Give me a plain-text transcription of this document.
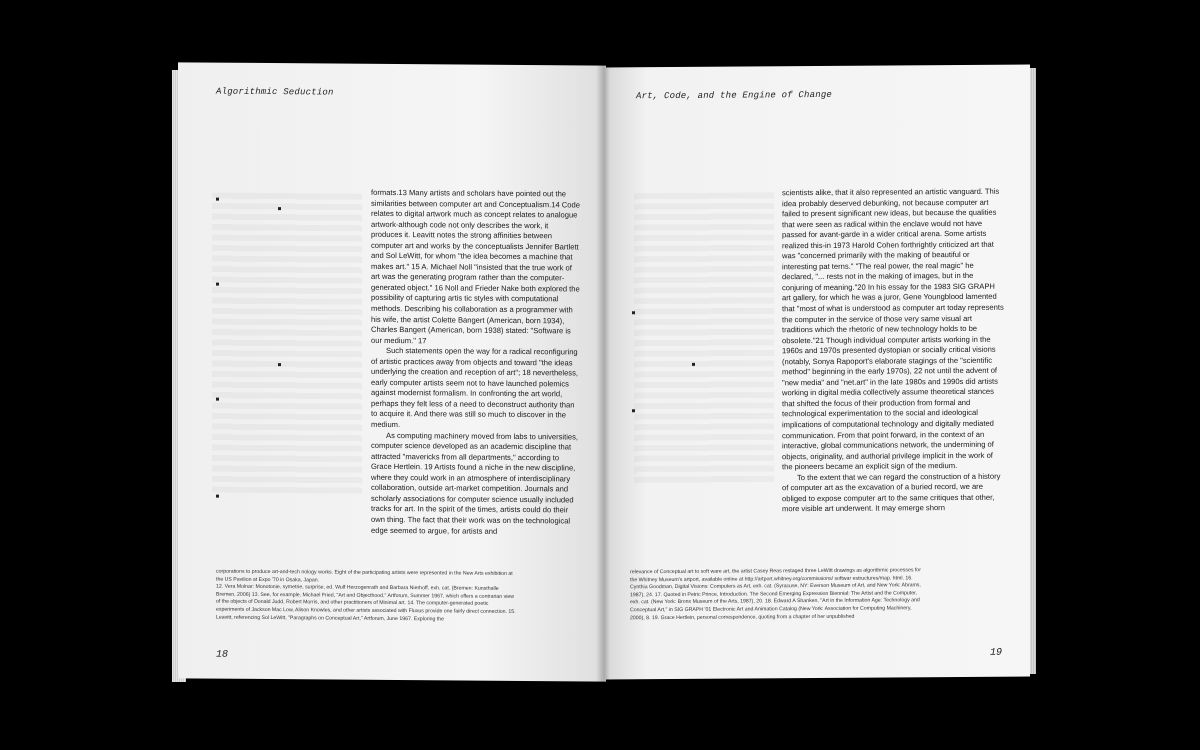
Algorithmic Seduction

formats.13 Many artists and scholars have pointed out the similarities between computer art and Conceptualism.14 Code relates to digital artwork much as concept relates to analogue artwork-although code not only describes the work, it produces it. Leavitt notes the strong affinities between computer art and works by the conceptualists Jennifer Bartlett and Sol LeWitt, for whom "the idea becomes a machine that makes art." 15 A. Michael Noll "insisted that the true work of art was the generating program rather than the computer-generated object." 16 Noll and Frieder Nake both explored the possibility of capturing artis tic styles with computational methods. Describing his collaboration as a programmer with his wife, the artist Colette Bangert (American, born 1934), Charles Bangert (American, born 1938) stated: "Software is our medium." 17

Such statements open the way for a radical reconfiguring of artistic practices away from objects and toward "the ideas underlying the creation and reception of art"; 18 nevertheless, early computer artists seem not to have launched polemics against modernist formalism. In confronting the art world, perhaps they felt less of a need to deconstruct authority than to acquire it. And there was still so much to discover in the medium.

As computing machinery moved from labs to universities, computer science developed as an academic discipline that attracted "mavericks from all departments," according to Grace Hertlein. 19 Artists found a niche in the new discipline, where they could work in an atmosphere of interdisciplinary collaboration, outside art-market competition. Journals and scholarly associations for computer science usually included tracks for art. In the spirit of the times, artists could do their own thing. The fact that their work was on the technological edge seemed to argue, for artists and

corporations to produce art-and-tech nology works. Eight of the participating artists were represented in the New Arts exhibition at the US Pavilion at Expo '70 in Osaka, Japan.

12. Vera Molnar: Monotonie, symetrie, surprise, ed. Wulf Herzogenrath and Barbara Nierhoff, exh. cat. (Bremen: Kunsthalle Bremen, 2006) 13. See, for example, Michael Fried, "Art and Objecthood," Artforum, Summer 1967, which offers a contrarian view of the objects of Donald Judd, Robert Morris, and other practitioners of Minimal art. 14. The computer-generated poetic experiments of Jackson Mac Low, Alison Knowles, and other artists associated with Fluxus provide one fairly direct connection. 15. Leavitt, referencing Sol LeWitt, "Paragraphs on Conceptual Art," Artforum, June 1967. Exploring the

18
Art, Code, and the Engine of Change

scientists alike, that it also represented an artistic vanguard. This idea probably deserved debunking, not because computer art failed to present significant new ideas, but because the qualities that were seen as radical within the enclave would not have passed for avant-garde in a wider critical arena. Some artists realized this-in 1973 Harold Cohen forthrightly criticized art that was "concerned primarily with the making of beautiful or interesting pat terns." "The real power, the real magic" he declared, "... rests not in the making of images, but in the conjuring of meaning."20 In his essay for the 1983 SIG GRAPH art gallery, for which he was a juror, Gene Youngblood lamented that "most of what is understood as computer art today represents the computer in the service of those very same visual art traditions which the rhetoric of new technology holds to be obsolete."21 Though individual computer artists working in the 1960s and 1970s presented dystopian or socially critical visions (notably, Sonya Rapoport's elaborate stagings of the "scientific method" beginning in the early 1970s), 22 not until the advent of "new media" and "net.art" in the late 1980s and 1990s did artists working in digital media collectively assume theoretical stances that shifted the focus of their production from formal and technological experimentation to the social and ideological implications of computational technology and digitally mediated communication. From that point forward, in the context of an interactive, global communications network, the undermining of objects, originality, and authorial privilege implicit in the work of the pioneers became an explicit sign of the medium.

To the extent that we can regard the construction of a history of computer art as the excavation of a buried record, we are obliged to expose computer art to the same critiques that other, more visible art underwent. It may emerge shorn

relevance of Conceptual art to soft ware art, the artist Casey Reas restaged three LeWitt drawings as algorithmic processes for the Whitney Museum's artport, available online at http://artport.whitney.org/commissions/ softwar estructures/map. html. 16. Cynthia Goodman, Digital Visions: Computers as Art, exh. cat. (Syracuse, NY: Everson Museum of Art, and New York: Abrams, 1987), 24. 17. Quoted in Petric Prince, Introduction. The Second Emerging Expression Biennial: The Artist and the Computer, exh. cat. (New York: Bronx Museum of the Arts, 1987), 20. 18. Edward A Shanken, "Art in the Information Age: Technology and Conceptual Art," in SIG GRAPH '01 Electronic Art and Animation Catalog (New York: Association for Computing Machinery, 2000), 8. 19. Grace Hertlein, personal correspondence, quoting from a chapter of her unpublished

19
